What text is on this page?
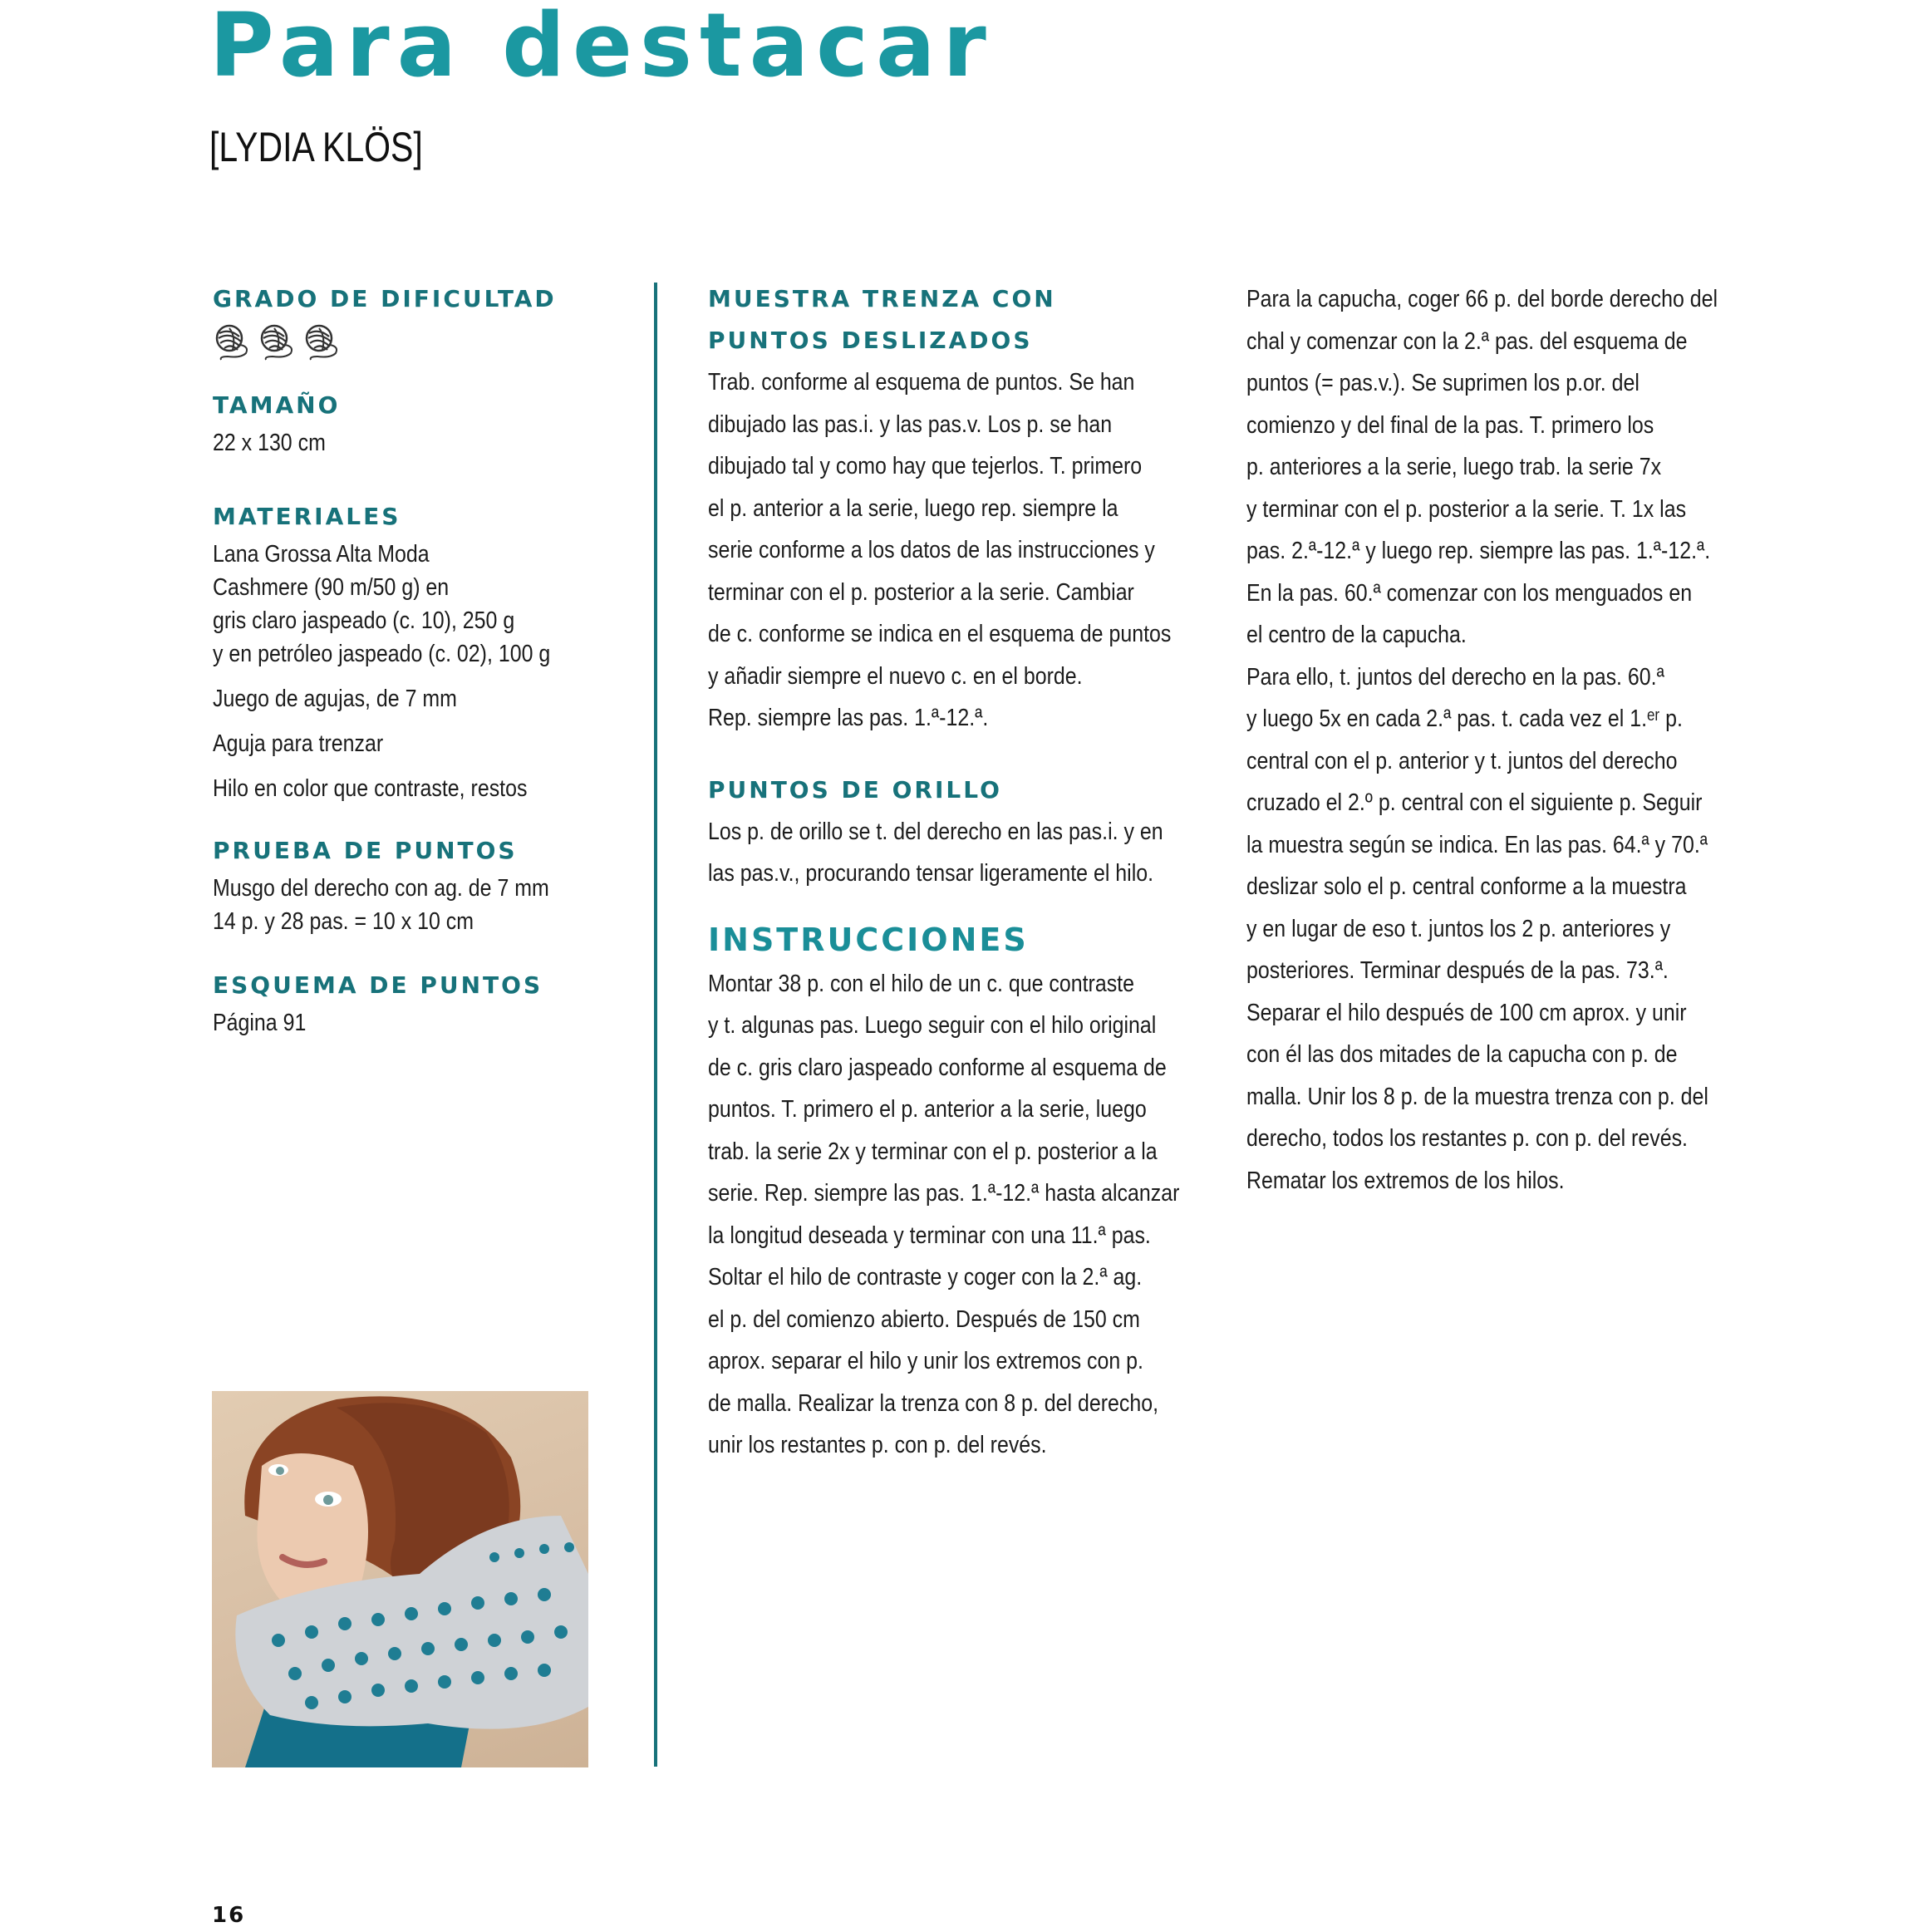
Para destacar
[LYDIA KLÖS]
GRADO DE DIFICULTAD
TAMAÑO

22 x 130 cm

MATERIALES

Lana Grossa Alta Moda

Cashmere (90 m/50 g) en

gris claro jaspeado (c. 10), 250 g

y en petróleo jaspeado (c. 02), 100 g

Juego de agujas, de 7 mm

Aguja para trenzar

Hilo en color que contraste, restos

PRUEBA DE PUNTOS

Musgo del derecho con ag. de 7 mm

14 p. y 28 pas. = 10 x 10 cm

ESQUEMA DE PUNTOS

Página 91

MUESTRA TRENZA CON
PUNTOS DESLIZADOS

Trab. conforme al esquema de puntos. Se han

dibujado las pas.i. y las pas.v. Los p. se han

dibujado tal y como hay que tejerlos. T. primero

el p. anterior a la serie, luego rep. siempre la

serie conforme a los datos de las instrucciones y

terminar con el p. posterior a la serie. Cambiar

de c. conforme se indica en el esquema de puntos

y añadir siempre el nuevo c. en el borde.

Rep. siempre las pas. 1.ª-12.ª.

PUNTOS DE ORILLO

Los p. de orillo se t. del derecho en las pas.i. y en

las pas.v., procurando tensar ligeramente el hilo.

INSTRUCCIONES

Montar 38 p. con el hilo de un c. que contraste

y t. algunas pas. Luego seguir con el hilo original

de c. gris claro jaspeado conforme al esquema de

puntos. T. primero el p. anterior a la serie, luego

trab. la serie 2x y terminar con el p. posterior a la

serie. Rep. siempre las pas. 1.ª-12.ª hasta alcanzar

la longitud deseada y terminar con una 11.ª pas.

Soltar el hilo de contraste y coger con la 2.ª ag.

el p. del comienzo abierto. Después de 150 cm

aprox. separar el hilo y unir los extremos con p.

de malla. Realizar la trenza con 8 p. del derecho,

unir los restantes p. con p. del revés.

Para la capucha, coger 66 p. del borde derecho del

chal y comenzar con la 2.ª pas. del esquema de

puntos (= pas.v.). Se suprimen los p.or. del

comienzo y del final de la pas. T. primero los

p. anteriores a la serie, luego trab. la serie 7x

y terminar con el p. posterior a la serie. T. 1x las

pas. 2.ª-12.ª y luego rep. siempre las pas. 1.ª-12.ª.

En la pas. 60.ª comenzar con los menguados en

el centro de la capucha.

Para ello, t. juntos del derecho en la pas. 60.ª

y luego 5x en cada 2.ª pas. t. cada vez el 1.ᵉʳ p.

central con el p. anterior y t. juntos del derecho

cruzado el 2.º p. central con el siguiente p. Seguir

la muestra según se indica. En las pas. 64.ª y 70.ª

deslizar solo el p. central conforme a la muestra

y en lugar de eso t. juntos los 2 p. anteriores y

posteriores. Terminar después de la pas. 73.ª.

Separar el hilo después de 100 cm aprox. y unir

con él las dos mitades de la capucha con p. de

malla. Unir los 8 p. de la muestra trenza con p. del

derecho, todos los restantes p. con p. del revés.

Rematar los extremos de los hilos.

16
